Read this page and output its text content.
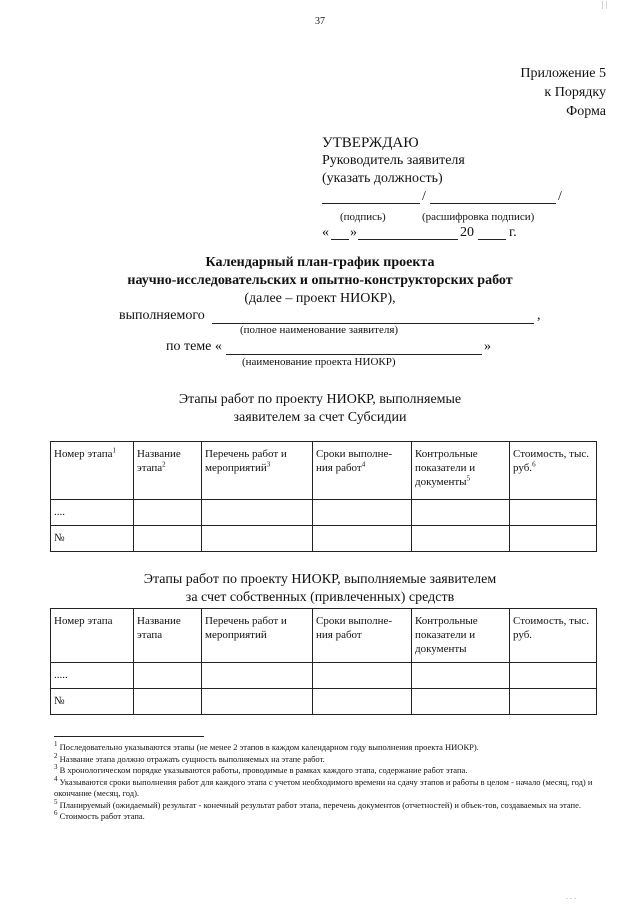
| |
. . .
37
Приложение 5
к Порядку
Форма
УТВЕРЖДАЮ
Руководитель заявителя
(указать должность)
/	/
(подпись)	(расшифровка подписи)
« »	20	г.
Календарный план-график проекта
научно-исследовательских и опытно-конструкторских работ
(далее – проект НИОКР),
выполняемого	,
(полное наименование заявителя)
по теме «	»
(наименование проекта НИОКР)
Этапы работ по проекту НИОКР, выполняемые
заявителем за счет Субсидии
Номер этапа$^1$	Название этапа$^2$	Перечень работ и мероприятий$^3$	Сроки выполне-ния работ$^4$	Контрольные показатели и документы$^5$	Стоимость, тыс. руб.$^6$
....					
№					
Этапы работ по проекту НИОКР, выполняемые заявителем
за счет собственных (привлеченных) средств
Номер этапа	Название этапа	Перечень работ и мероприятий	Сроки выполне-ния работ	Контрольные показатели и документы	Стоимость, тыс. руб.
.....					
№					
$^1$ Последовательно указываются этапы (не менее 2 этапов в каждом календарном году выполнения проекта НИОКР).
$^2$ Название этапа должно отражать сущность выполняемых на этапе работ.
$^3$ В хронологическом порядке указываются работы, проводимые в рамках каждого этапа, содержание работ этапа.
$^4$ Указываются сроки выполнения работ для каждого этапа с учетом необходимого времени на сдачу этапов и работы в целом - начало (месяц, год) и окончание (месяц, год).
$^5$ Планируемый (ожидаемый) результат - конечный результат работ этапа, перечень документов (отчетностей) и объек-тов, создаваемых на этапе.
$^6$ Стоимость работ этапа.
